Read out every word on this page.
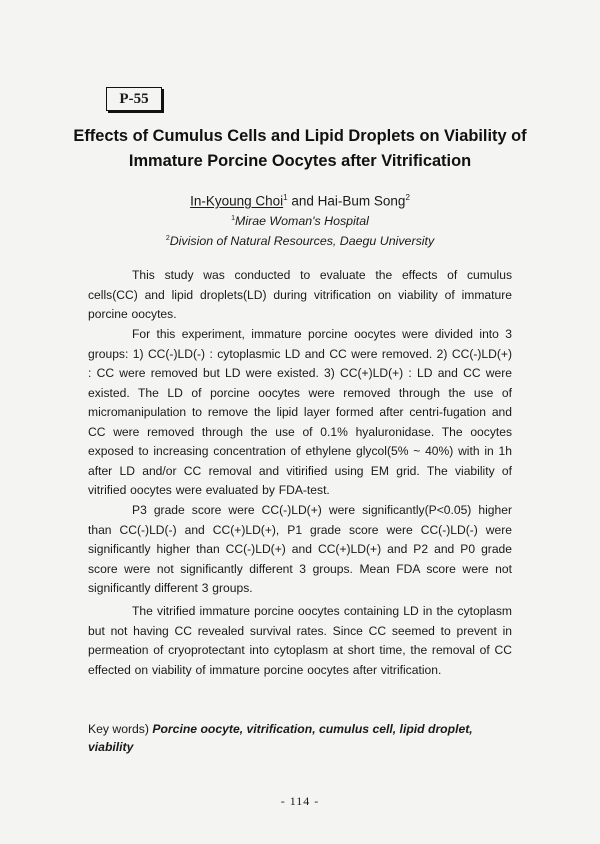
P-55
Effects of Cumulus Cells and Lipid Droplets on Viability of Immature Porcine Oocytes after Vitrification
In-Kyoung Choi$^1$ and Hai-Bum Song$^2$
$^1$Mirae Woman's Hospital
$^2$Division of Natural Resources, Daegu University

This study was conducted to evaluate the effects of cumulus cells(CC) and lipid droplets(LD) during vitrification on viability of immature porcine oocytes.

For this experiment, immature porcine oocytes were divided into 3 groups: 1) CC(-)LD(-) : cytoplasmic LD and CC were removed. 2) CC(-)LD(+) : CC were removed but LD were existed. 3) CC(+)LD(+) : LD and CC were existed. The LD of porcine oocytes were removed through the use of micromanipulation to remove the lipid layer formed after centri-fugation and CC were removed through the use of 0.1% hyaluronidase. The oocytes exposed to increasing concentration of ethylene glycol(5% ~ 40%) with in 1h after LD and/or CC removal and vitirified using EM grid. The viability of vitrified oocytes were evaluated by FDA-test.

P3 grade score were CC(-)LD(+) were significantly(P<0.05) higher than CC(-)LD(-) and CC(+)LD(+), P1 grade score were CC(-)LD(-) were significantly higher than CC(-)LD(+) and CC(+)LD(+) and P2 and P0 grade score were not significantly different 3 groups. Mean FDA score were not significantly different 3 groups.

The vitrified immature porcine oocytes containing LD in the cytoplasm but not having CC revealed survival rates. Since CC seemed to prevent in permeation of cryoprotectant into cytoplasm at short time, the removal of CC effected on viability of immature porcine oocytes after vitrification.

Key words) Porcine oocyte, vitrification, cumulus cell, lipid droplet, viability
- 114 -
